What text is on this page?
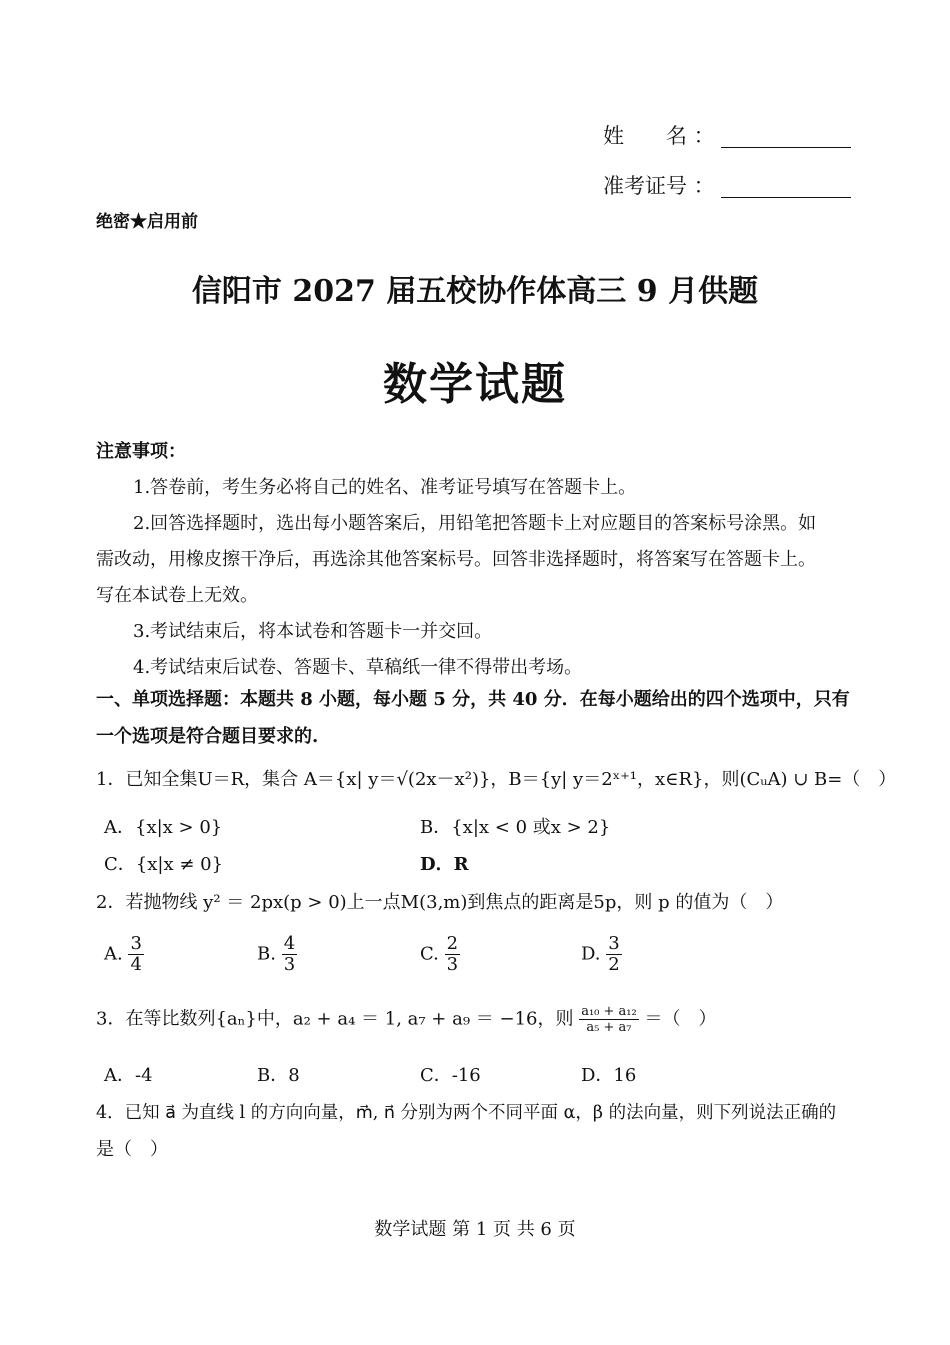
姓　　名 ：
准考证号 ：
绝密★启用前
信阳市 2027 届五校协作体高三 9 月供题
数学试题
注意事项：
1.答卷前，考生务必将自己的姓名、准考证号填写在答题卡上。
2.回答选择题时，选出每小题答案后，用铅笔把答题卡上对应题目的答案标号涂黑。如
需改动，用橡皮擦干净后，再选涂其他答案标号。回答非选择题时，将答案写在答题卡上。
写在本试卷上无效。
3.考试结束后，将本试卷和答题卡一并交回。
4.考试结束后试卷、答题卡、草稿纸一律不得带出考场。
一、单项选择题：本题共 8 小题，每小题 5 分，共 40 分．在每小题给出的四个选项中，只有
一个选项是符合题目要求的.
1．已知全集U＝R，集合 A＝{x| y＝√(2x－x²)}，B＝{y| y＝2ˣ⁺¹，x∈R}，则(CᵤA) ∪ B=（　）
A．{x|x > 0}	B．{x|x < 0 或x > 2}
C．{x|x ≠ 0}	D．R
2．若抛物线 y² ＝ 2px(p > 0)上一点M(3,m)到焦点的距离是5p，则 p 的值为（　）
A. $\frac{3}{4}$	B. $\frac{4}{3}$	C. $\frac{2}{3}$	D. $\frac{3}{2}$
3．在等比数列{aₙ}中，a₂ + a₄ ＝ 1, a₇ + a₉ ＝ −16，则 $\frac{\text{a₁₀ + a₁₂}}{\text{a₅ + a₇}}$ ＝（　）
A．-4	B．8	C．-16	D．16
4．已知 a⃗ 为直线 l 的方向向量，m⃗, n⃗ 分别为两个不同平面 α，β 的法向量，则下列说法正确的
是（　）
数学试题 第 1 页 共 6 页
